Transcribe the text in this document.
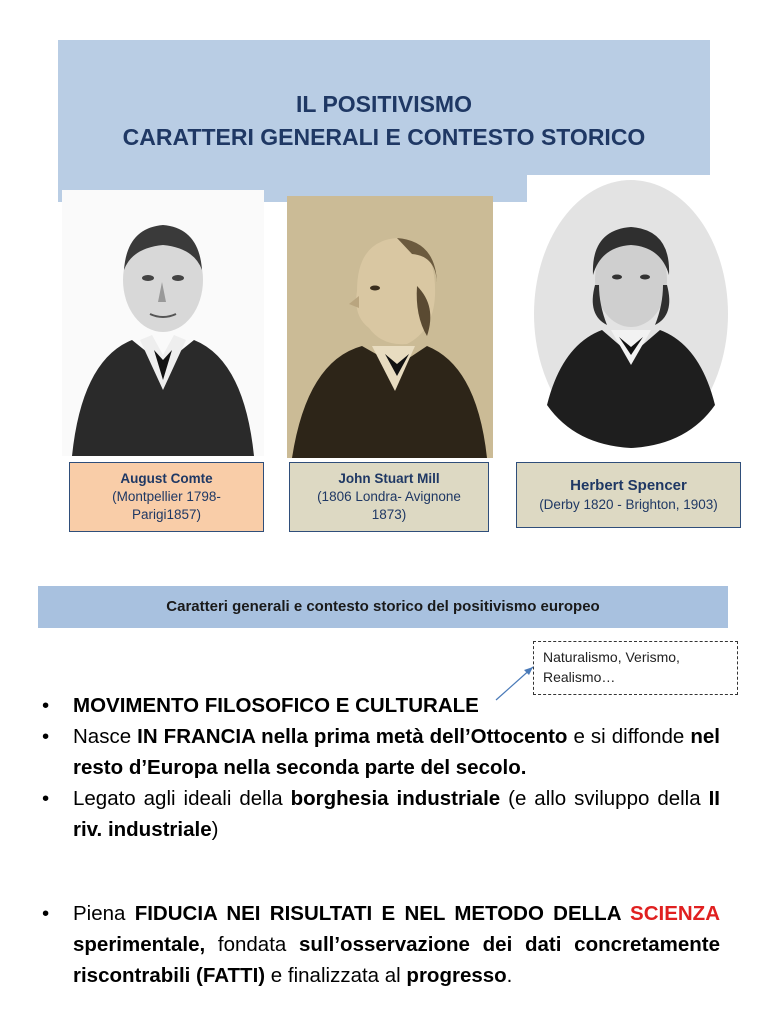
IL POSITIVISMO
CARATTERI GENERALI E CONTESTO STORICO
August Comte
(Montpellier 1798-
Parigi1857)
John Stuart Mill
(1806 Londra- Avignone
1873)
Herbert Spencer
(Derby 1820 - Brighton, 1903)
Caratteri generali e contesto storico del positivismo europeo
Naturalismo, Verismo,
Realismo…

• MOVIMENTO FILOSOFICO E CULTURALE

• Nasce IN FRANCIA nella prima metà dell’Ottocento e si diffonde nel resto d’Europa nella seconda parte del secolo.

• Legato agli ideali della borghesia industriale (e allo sviluppo della II riv. industriale)

• Piena FIDUCIA NEI RISULTATI E NEL METODO DELLA SCIENZA sperimentale, fondata sull’osservazione dei dati concretamente riscontrabili (FATTI) e finalizzata al progresso.
